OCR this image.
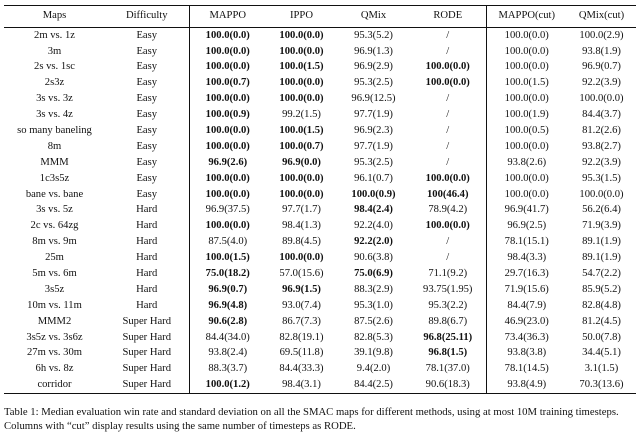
Maps	Difficulty	MAPPO	IPPO	QMix	RODE	MAPPO(cut)	QMix(cut)
2m vs. 1z	Easy	100.0(0.0)	100.0(0.0)	95.3(5.2)	/	100.0(0.0)	100.0(2.9)
3m	Easy	100.0(0.0)	100.0(0.0)	96.9(1.3)	/	100.0(0.0)	93.8(1.9)
2s vs. 1sc	Easy	100.0(0.0)	100.0(1.5)	96.9(2.9)	100.0(0.0)	100.0(0.0)	96.9(0.7)
2s3z	Easy	100.0(0.7)	100.0(0.0)	95.3(2.5)	100.0(0.0)	100.0(1.5)	92.2(3.9)
3s vs. 3z	Easy	100.0(0.0)	100.0(0.0)	96.9(12.5)	/	100.0(0.0)	100.0(0.0)
3s vs. 4z	Easy	100.0(0.9)	99.2(1.5)	97.7(1.9)	/	100.0(1.9)	84.4(3.7)
so many baneling	Easy	100.0(0.0)	100.0(1.5)	96.9(2.3)	/	100.0(0.5)	81.2(2.6)
8m	Easy	100.0(0.0)	100.0(0.7)	97.7(1.9)	/	100.0(0.0)	93.8(2.7)
MMM	Easy	96.9(2.6)	96.9(0.0)	95.3(2.5)	/	93.8(2.6)	92.2(3.9)
1c3s5z	Easy	100.0(0.0)	100.0(0.0)	96.1(0.7)	100.0(0.0)	100.0(0.0)	95.3(1.5)
bane vs. bane	Easy	100.0(0.0)	100.0(0.0)	100.0(0.9)	100(46.4)	100.0(0.0)	100.0(0.0)
3s vs. 5z	Hard	96.9(37.5)	97.7(1.7)	98.4(2.4)	78.9(4.2)	96.9(41.7)	56.2(6.4)
2c vs. 64zg	Hard	100.0(0.0)	98.4(1.3)	92.2(4.0)	100.0(0.0)	96.9(2.5)	71.9(3.9)
8m vs. 9m	Hard	87.5(4.0)	89.8(4.5)	92.2(2.0)	/	78.1(15.1)	89.1(1.9)
25m	Hard	100.0(1.5)	100.0(0.0)	90.6(3.8)	/	98.4(3.3)	89.1(1.9)
5m vs. 6m	Hard	75.0(18.2)	57.0(15.6)	75.0(6.9)	71.1(9.2)	29.7(16.3)	54.7(2.2)
3s5z	Hard	96.9(0.7)	96.9(1.5)	88.3(2.9)	93.75(1.95)	71.9(15.6)	85.9(5.2)
10m vs. 11m	Hard	96.9(4.8)	93.0(7.4)	95.3(1.0)	95.3(2.2)	84.4(7.9)	82.8(4.8)
MMM2	Super Hard	90.6(2.8)	86.7(7.3)	87.5(2.6)	89.8(6.7)	46.9(23.0)	81.2(4.5)
3s5z vs. 3s6z	Super Hard	84.4(34.0)	82.8(19.1)	82.8(5.3)	96.8(25.11)	73.4(36.3)	50.0(7.8)
27m vs. 30m	Super Hard	93.8(2.4)	69.5(11.8)	39.1(9.8)	96.8(1.5)	93.8(3.8)	34.4(5.1)
6h vs. 8z	Super Hard	88.3(3.7)	84.4(33.3)	9.4(2.0)	78.1(37.0)	78.1(14.5)	3.1(1.5)
corridor	Super Hard	100.0(1.2)	98.4(3.1)	84.4(2.5)	90.6(18.3)	93.8(4.9)	70.3(13.6)
Table 1: Median evaluation win rate and standard deviation on all the SMAC maps for different methods, using at most 10M training timesteps. Columns with “cut” display results using the same number of timesteps as RODE.
